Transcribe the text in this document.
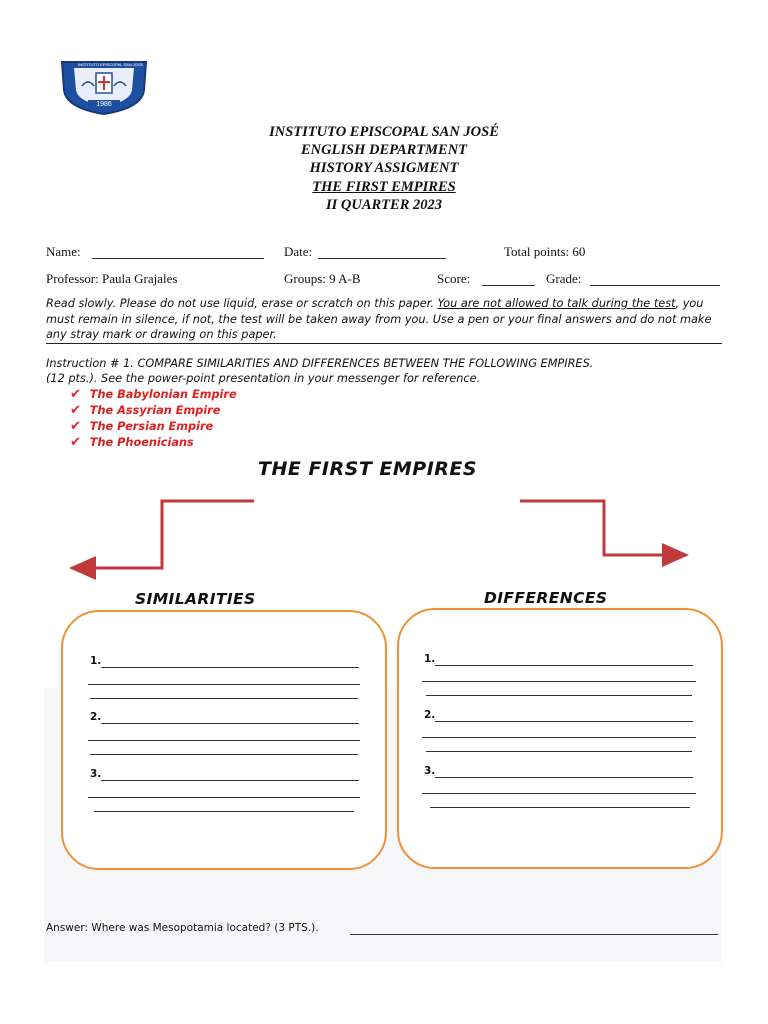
INSTITUTO EPISCOPAL SAN JOSE
1986
INSTITUTO EPISCOPAL SAN JOSÉ
ENGLISH DEPARTMENT
HISTORY ASSIGMENT
THE FIRST EMPIRES
II QUARTER 2023
Name:	Date:	Total points: 60
Professor: Paula Grajales	Groups: 9 A-B	Score:	Grade:
Read slowly. Please do not use liquid, erase or scratch on this paper. You are not allowed to talk during the test, you must remain in silence, if not, the test will be taken away from you. Use a pen or your final answers and do not make any stray mark or drawing on this paper.
Instruction # 1. COMPARE SIMILARITIES AND DIFFERENCES BETWEEN THE FOLLOWING EMPIRES.
(12 pts.). See the power-point presentation in your messenger for reference.
✔ The Babylonian Empire
✔ The Assyrian Empire
✔ The Persian Empire
✔ The Phoenicians
THE FIRST EMPIRES
SIMILARITIES	DIFFERENCES
1.
2.
3.
1.
2.
3.
Answer: Where was Mesopotamia located? (3 PTS.).
